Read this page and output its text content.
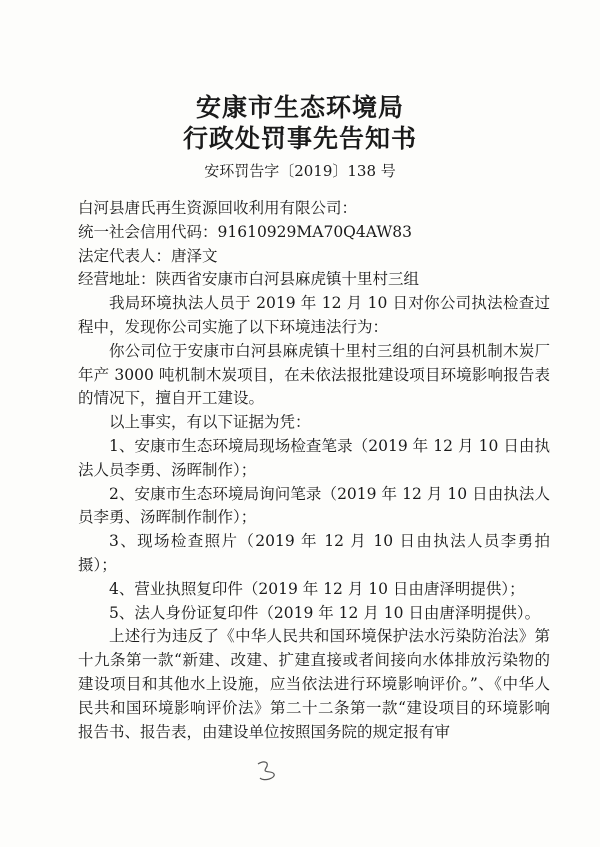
安康市生态环境局
行政处罚事先告知书
安环罚告字〔2019〕138 号

白河县唐氏再生资源回收利用有限公司：

统一社会信用代码：91610929MA70Q4AW83

法定代表人：唐泽文

经营地址：陕西省安康市白河县麻虎镇十里村三组

我局环境执法人员于 2019 年 12 月 10 日对你公司执法检查过程中，发现你公司实施了以下环境违法行为：

你公司位于安康市白河县麻虎镇十里村三组的白河县机制木炭厂年产 3000 吨机制木炭项目，在未依法报批建设项目环境影响报告表的情况下，擅自开工建设。

以上事实，有以下证据为凭：

1、安康市生态环境局现场检查笔录（2019 年 12 月 10 日由执法人员李勇、汤晖制作）；

2、安康市生态环境局询问笔录（2019 年 12 月 10 日由执法人员李勇、汤晖制作制作）；

3、现场检查照片（2019 年 12 月 10 日由执法人员李勇拍摄）；

4、营业执照复印件（2019 年 12 月 10 日由唐泽明提供）；

5、法人身份证复印件（2019 年 12 月 10 日由唐泽明提供）。

上述行为违反了《中华人民共和国环境保护法水污染防治法》第十九条第一款“新建、改建、扩建直接或者间接向水体排放污染物的建设项目和其他水上设施，应当依法进行环境影响评价。”、《中华人民共和国环境影响评价法》第二十二条第一款“建设项目的环境影响报告书、报告表，由建设单位按照国务院的规定报有审
